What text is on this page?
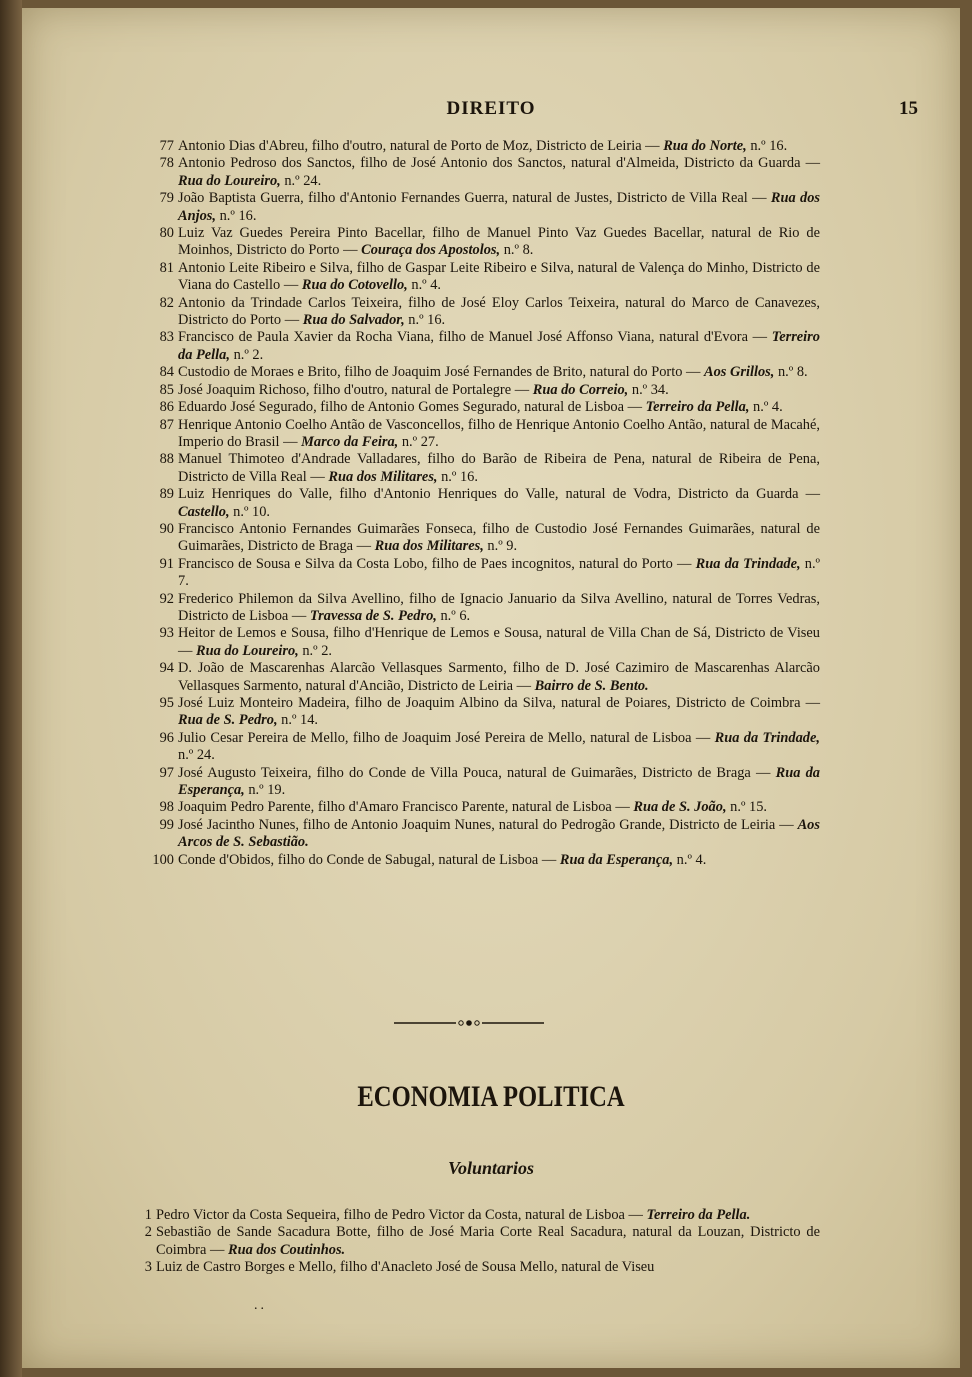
DIREITO	15

77 Antonio Dias d'Abreu, filho d'outro, natural de Porto de Moz, Districto de Leiria — Rua do Norte, n.º 16.

78 Antonio Pedroso dos Sanctos, filho de José Antonio dos Sanctos, natural d'Almeida, Districto da Guarda — Rua do Loureiro, n.º 24.

79 João Baptista Guerra, filho d'Antonio Fernandes Guerra, natural de Justes, Districto de Villa Real — Rua dos Anjos, n.º 16.

80 Luiz Vaz Guedes Pereira Pinto Bacellar, filho de Manuel Pinto Vaz Guedes Bacellar, natural de Rio de Moinhos, Districto do Porto — Couraça dos Apostolos, n.º 8.

81 Antonio Leite Ribeiro e Silva, filho de Gaspar Leite Ribeiro e Silva, natural de Valença do Minho, Districto de Viana do Castello — Rua do Cotovello, n.º 4.

82 Antonio da Trindade Carlos Teixeira, filho de José Eloy Carlos Teixeira, natural do Marco de Canavezes, Districto do Porto — Rua do Salvador, n.º 16.

83 Francisco de Paula Xavier da Rocha Viana, filho de Manuel José Affonso Viana, natural d'Evora — Terreiro da Pella, n.º 2.

84 Custodio de Moraes e Brito, filho de Joaquim José Fernandes de Brito, natural do Porto — Aos Grillos, n.º 8.

85 José Joaquim Richoso, filho d'outro, natural de Portalegre — Rua do Correio, n.º 34.

86 Eduardo José Segurado, filho de Antonio Gomes Segurado, natural de Lisboa — Terreiro da Pella, n.º 4.

87 Henrique Antonio Coelho Antão de Vasconcellos, filho de Henrique Antonio Coelho Antão, natural de Macahé, Imperio do Brasil — Marco da Feira, n.º 27.

88 Manuel Thimoteo d'Andrade Valladares, filho do Barão de Ribeira de Pena, natural de Ribeira de Pena, Districto de Villa Real — Rua dos Militares, n.º 16.

89 Luiz Henriques do Valle, filho d'Antonio Henriques do Valle, natural de Vodra, Districto da Guarda — Castello, n.º 10.

90 Francisco Antonio Fernandes Guimarães Fonseca, filho de Custodio José Fernandes Guimarães, natural de Guimarães, Districto de Braga — Rua dos Militares, n.º 9.

91 Francisco de Sousa e Silva da Costa Lobo, filho de Paes incognitos, natural do Porto — Rua da Trindade, n.º 7.

92 Frederico Philemon da Silva Avellino, filho de Ignacio Januario da Silva Avellino, natural de Torres Vedras, Districto de Lisboa — Travessa de S. Pedro, n.º 6.

93 Heitor de Lemos e Sousa, filho d'Henrique de Lemos e Sousa, natural de Villa Chan de Sá, Districto de Viseu — Rua do Loureiro, n.º 2.

94 D. João de Mascarenhas Alarcão Vellasques Sarmento, filho de D. José Cazimiro de Mascarenhas Alarcão Vellasques Sarmento, natural d'Ancião, Districto de Leiria — Bairro de S. Bento.

95 José Luiz Monteiro Madeira, filho de Joaquim Albino da Silva, natural de Poiares, Districto de Coimbra — Rua de S. Pedro, n.º 14.

96 Julio Cesar Pereira de Mello, filho de Joaquim José Pereira de Mello, natural de Lisboa — Rua da Trindade, n.º 24.

97 José Augusto Teixeira, filho do Conde de Villa Pouca, natural de Guimarães, Districto de Braga — Rua da Esperança, n.º 19.

98 Joaquim Pedro Parente, filho d'Amaro Francisco Parente, natural de Lisboa — Rua de S. João, n.º 15.

99 José Jacintho Nunes, filho de Antonio Joaquim Nunes, natural do Pedrogão Grande, Districto de Leiria — Aos Arcos de S. Sebastião.

100 Conde d'Obidos, filho do Conde de Sabugal, natural de Lisboa — Rua da Esperança, n.º 4.

ECONOMIA POLITICA
Voluntarios

1 Pedro Victor da Costa Sequeira, filho de Pedro Victor da Costa, natural de Lisboa — Terreiro da Pella.

2 Sebastião de Sande Sacadura Botte, filho de José Maria Corte Real Sacadura, natural da Louzan, Districto de Coimbra — Rua dos Coutinhos.

3 Luiz de Castro Borges e Mello, filho d'Anacleto José de Sousa Mello, natural de Viseu

..
